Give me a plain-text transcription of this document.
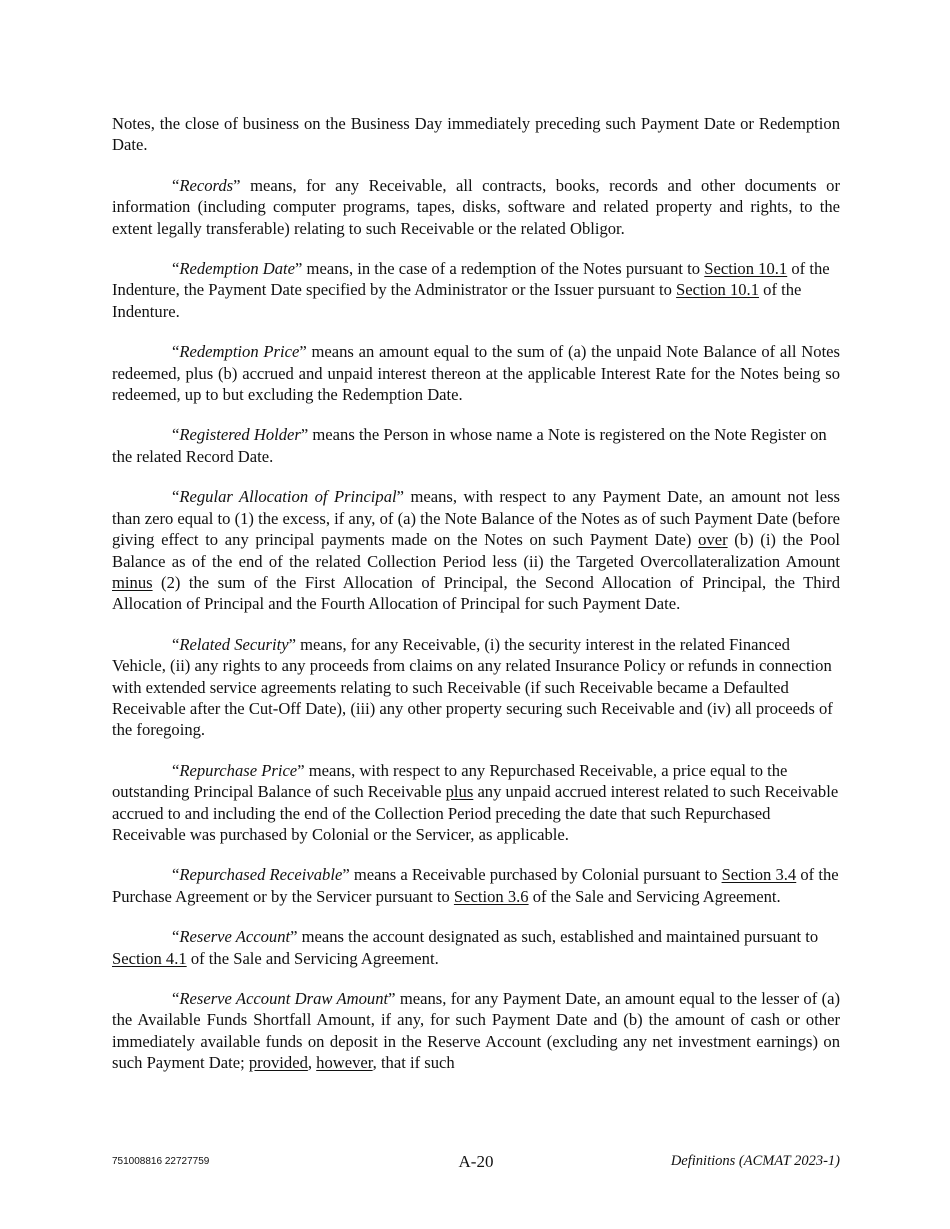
Notes, the close of business on the Business Day immediately preceding such Payment Date or Redemption Date.

“Records” means, for any Receivable, all contracts, books, records and other documents or information (including computer programs, tapes, disks, software and related property and rights, to the extent legally transferable) relating to such Receivable or the related Obligor.

“Redemption Date” means, in the case of a redemption of the Notes pursuant to Section 10.1 of the Indenture, the Payment Date specified by the Administrator or the Issuer pursuant to Section 10.1 of the Indenture.

“Redemption Price” means an amount equal to the sum of (a) the unpaid Note Balance of all Notes redeemed, plus (b) accrued and unpaid interest thereon at the applicable Interest Rate for the Notes being so redeemed, up to but excluding the Redemption Date.

“Registered Holder” means the Person in whose name a Note is registered on the Note Register on the related Record Date.

“Regular Allocation of Principal” means, with respect to any Payment Date, an amount not less than zero equal to (1) the excess, if any, of (a) the Note Balance of the Notes as of such Payment Date (before giving effect to any principal payments made on the Notes on such Payment Date) over (b) (i) the Pool Balance as of the end of the related Collection Period less (ii) the Targeted Overcollateralization Amount minus (2) the sum of the First Allocation of Principal, the Second Allocation of Principal, the Third Allocation of Principal and the Fourth Allocation of Principal for such Payment Date.

“Related Security” means, for any Receivable, (i) the security interest in the related Financed Vehicle, (ii) any rights to any proceeds from claims on any related Insurance Policy or refunds in connection with extended service agreements relating to such Receivable (if such Receivable became a Defaulted Receivable after the Cut-Off Date), (iii) any other property securing such Receivable and (iv) all proceeds of the foregoing.

“Repurchase Price” means, with respect to any Repurchased Receivable, a price equal to the outstanding Principal Balance of such Receivable plus any unpaid accrued interest related to such Receivable accrued to and including the end of the Collection Period preceding the date that such Repurchased Receivable was purchased by Colonial or the Servicer, as applicable.

“Repurchased Receivable” means a Receivable purchased by Colonial pursuant to Section 3.4 of the Purchase Agreement or by the Servicer pursuant to Section 3.6 of the Sale and Servicing Agreement.

“Reserve Account” means the account designated as such, established and maintained pursuant to Section 4.1 of the Sale and Servicing Agreement.

“Reserve Account Draw Amount” means, for any Payment Date, an amount equal to the lesser of (a) the Available Funds Shortfall Amount, if any, for such Payment Date and (b) the amount of cash or other immediately available funds on deposit in the Reserve Account (excluding any net investment earnings) on such Payment Date; provided, however, that if such

751008816 22727759	A-20	Definitions (ACMAT 2023-1)
